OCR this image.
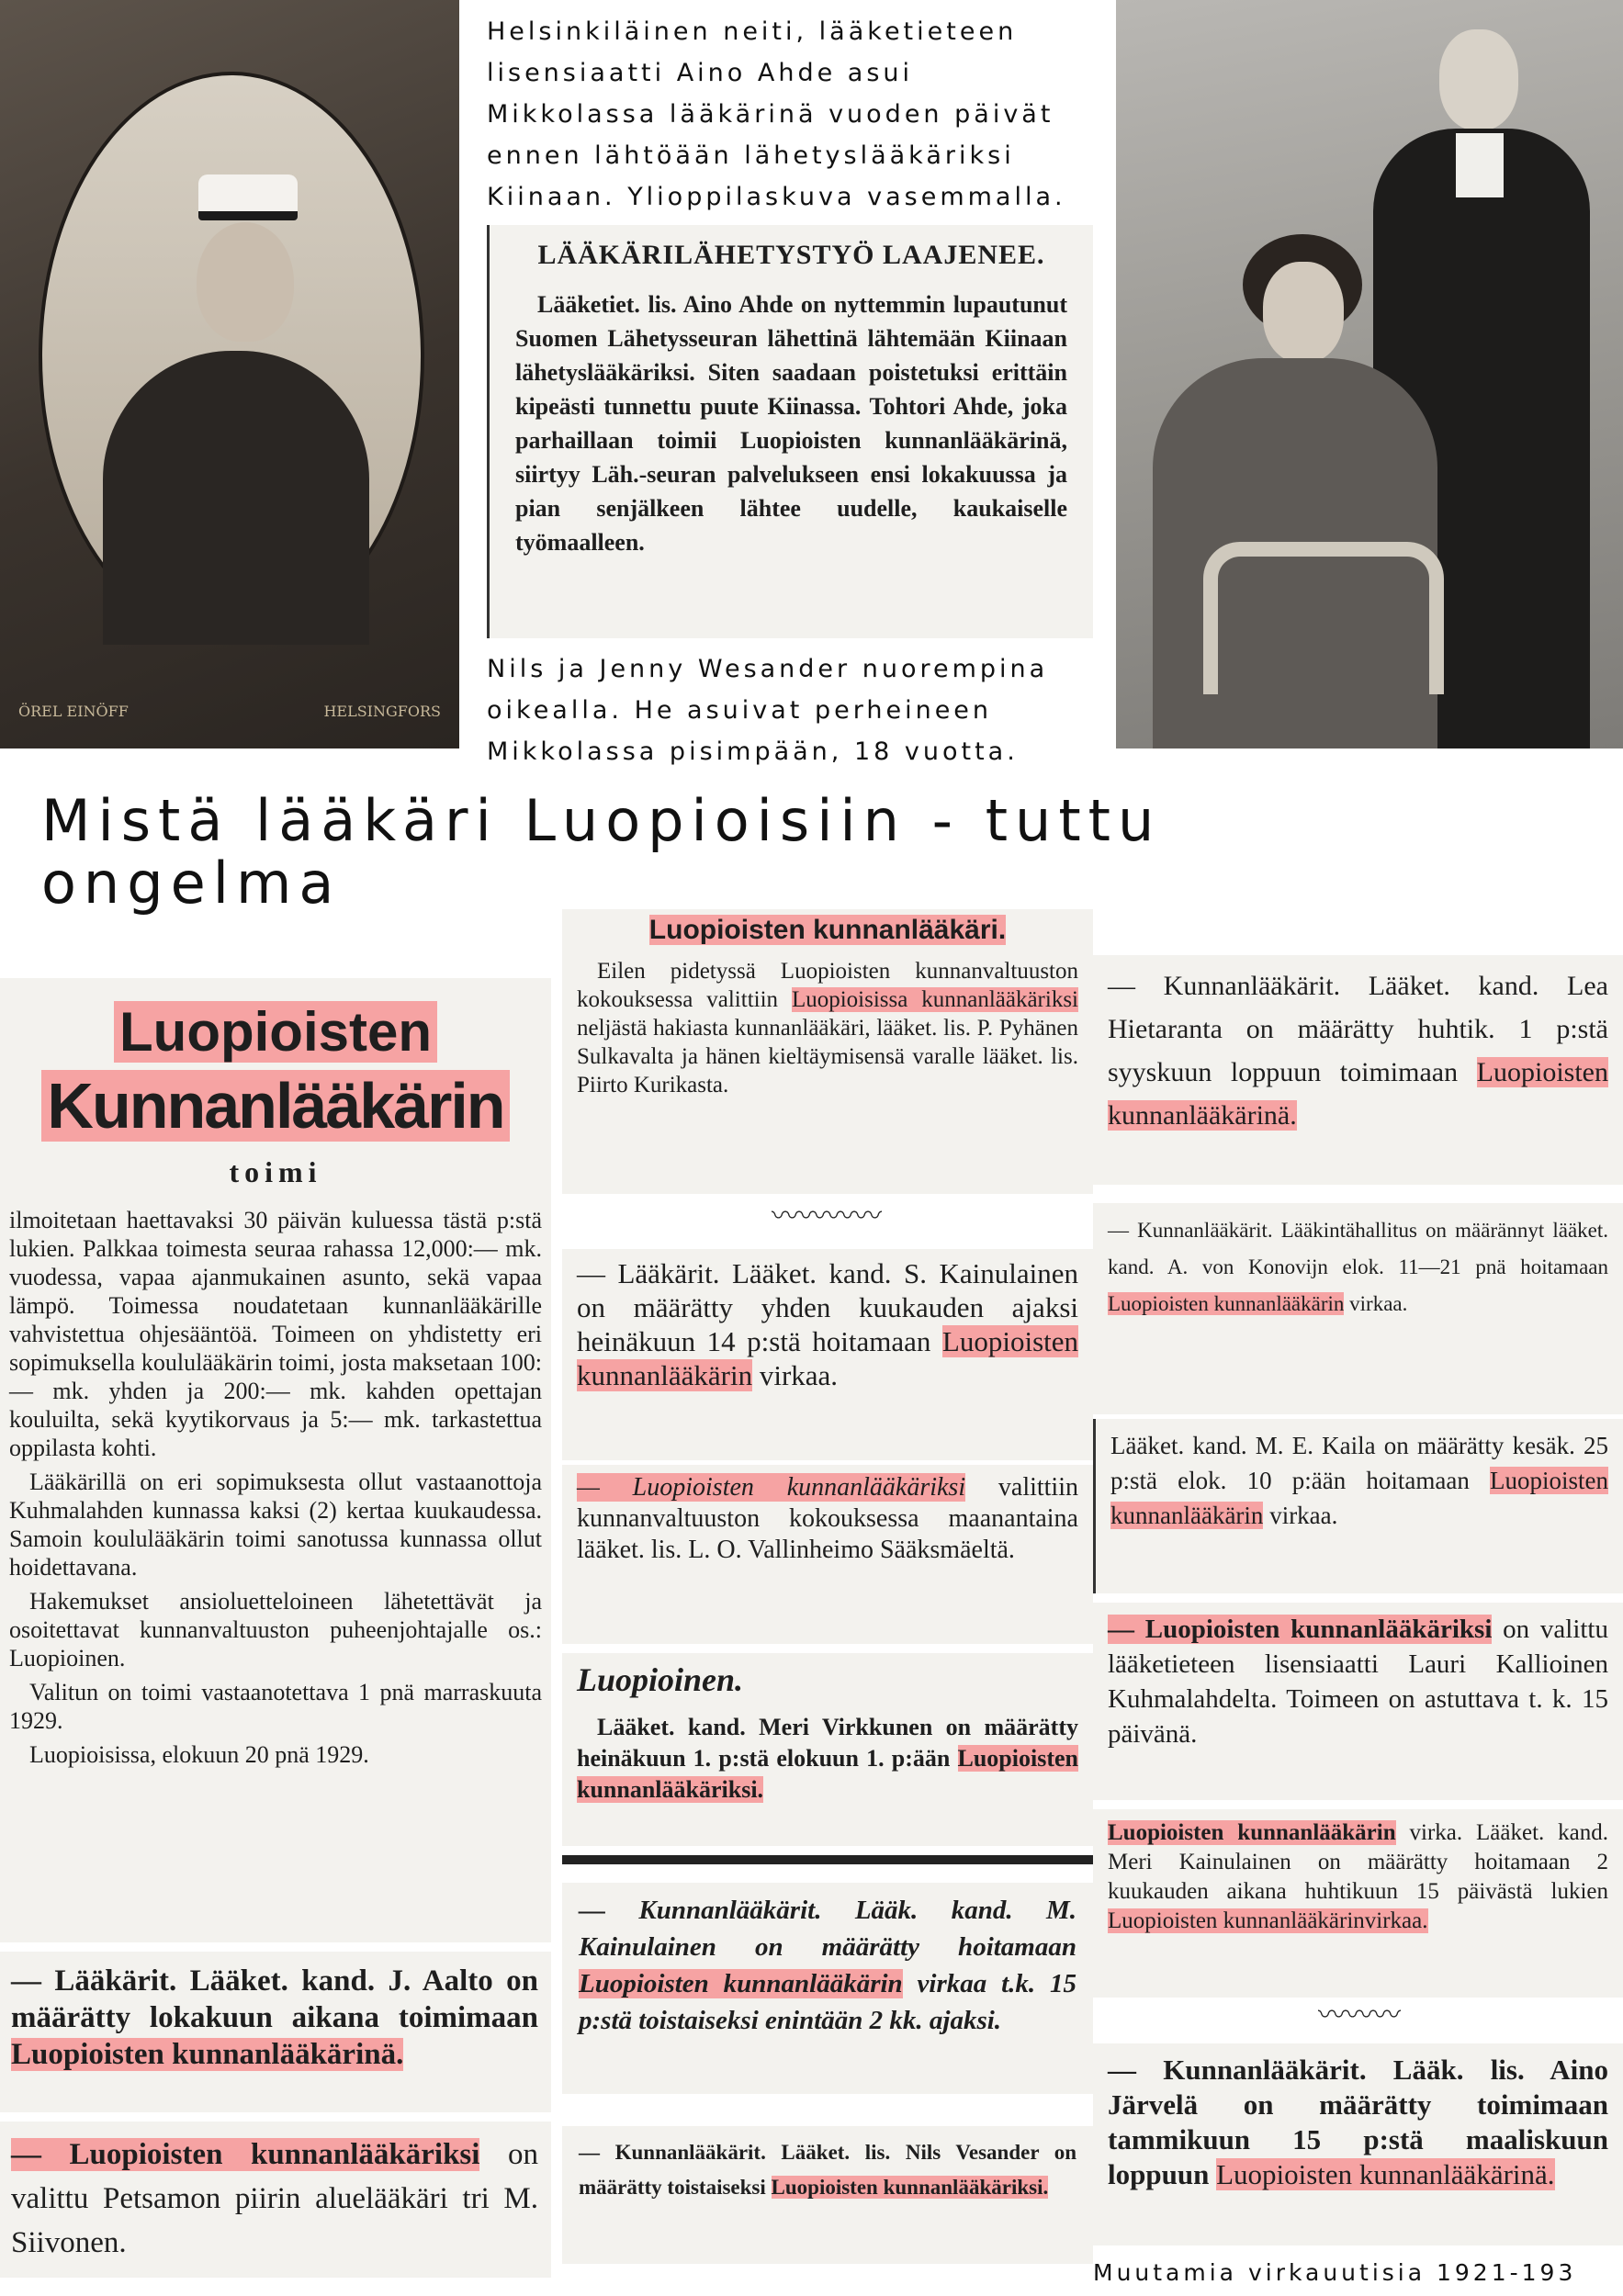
ÖREL EINÖFF	HELSINGFORS
Helsinkiläinen neiti, lääketieteen
lisensiaatti Aino Ahde asui
Mikkolassa lääkärinä vuoden päivät
ennen lähtöään lähetyslääkäriksi
Kiinaan. Ylioppilaskuva vasemmalla.
LÄÄKÄRILÄHETYSTYÖ LAAJENEE.

Lääketiet. lis. Aino Ahde on nyttemmin lupautunut Suomen Lähetysseuran lähettinä lähtemään Kiinaan lähetyslääkäriksi. Siten saadaan poistetuksi erittäin kipeästi tunnettu puute Kiinassa. Tohtori Ahde, joka parhaillaan toimii Luopioisten kunnanlääkärinä, siirtyy Läh.-seuran palvelukseen ensi lokakuussa ja pian senjälkeen lähtee uudelle, kaukaiselle työmaalleen.

Nils ja Jenny Wesander nuorempina
oikealla. He asuivat perheineen
Mikkolassa pisimpään, 18 vuotta.
Mistä lääkäri Luopioisiin - tuttu ongelma
Luopioisten
Kunnanlääkärin
toimi

ilmoitetaan haettavaksi 30 päivän kuluessa tästä p:stä lukien. Palkkaa toimesta seuraa rahassa 12,000:— mk. vuodessa, vapaa ajanmukainen asunto, sekä vapaa lämpö. Toimessa noudatetaan kunnanlääkärille vahvistettua ohjesääntöä. Toimeen on yhdistetty eri sopimuksella koululääkärin toimi, josta maksetaan 100:— mk. yhden ja 200:— mk. kahden opettajan kouluilta, sekä kyytikorvaus ja 5:— mk. tarkastettua oppilasta kohti.

Lääkärillä on eri sopimuksesta ollut vastaanottoja Kuhmalahden kunnassa kaksi (2) kertaa kuukaudessa. Samoin koululääkärin toimi sanotussa kunnassa ollut hoidettavana.

Hakemukset ansioluetteloineen lähetettävät ja osoitettavat kunnanvaltuuston puheenjohtajalle os.: Luopioinen.

Valitun on toimi vastaanotettava 1 pnä marraskuuta 1929.

Luopioisissa, elokuun 20 pnä 1929.

— Lääkärit. Lääket. kand. J. Aalto on määrätty lokakuun aikana toimimaan Luopioisten kunnanlääkärinä.

— Luopioisten kunnanlääkäriksi on valittu Petsamon piirin aluelääkäri tri M. Siivonen.

Luopioisten kunnanlääkäri.

Eilen pidetyssä Luopioisten kunnanvaltuuston kokouksessa valittiin Luopioisissa kunnanlääkäriksi neljästä hakiasta kunnanlääkäri, lääket. lis. P. Pyhänen Sulkavalta ja hänen kieltäymisensä varalle lääket. lis. Piirto Kurikasta.

〰〰〰〰

— Lääkärit. Lääket. kand. S. Kainulainen on määrätty yhden kuukauden ajaksi heinäkuun 14 p:stä hoitamaan Luopioisten kunnanlääkärin virkaa.

— Luopioisten kunnanlääkäriksi valittiin kunnanvaltuuston kokouksessa maanantaina lääket. lis. L. O. Vallinheimo Sääksmäeltä.

Luopioinen.

Lääket. kand. Meri Virkkunen on määrätty heinäkuun 1. p:stä elokuun 1. p:ään Luopioisten kunnanlääkäriksi.

— Kunnanlääkärit. Lääk. kand. M. Kainulainen on määrätty hoitamaan Luopioisten kunnanlääkärin virkaa t.k. 15 p:stä toistaiseksi enintään 2 kk. ajaksi.

— Kunnanlääkärit. Lääket. lis. Nils Vesander on määrätty toistaiseksi Luopioisten kunnanlääkäriksi.

— Kunnanlääkärit. Lääket. kand. Lea Hietaranta on määrätty huhtik. 1 p:stä syyskuun loppuun toimimaan Luopioisten kunnanlääkärinä.

— Kunnanlääkärit. Lääkintähallitus on määrännyt lääket. kand. A. von Konovijn elok. 11—21 pnä hoitamaan Luopioisten kunnanlääkärin virkaa.

Lääket. kand. M. E. Kaila on määrätty kesäk. 25 p:stä elok. 10 p:ään hoitamaan Luopioisten kunnanlääkärin virkaa.

— Luopioisten kunnanlääkäriksi on valittu lääketieteen lisensiaatti Lauri Kallioinen Kuhmalahdelta. Toimeen on astuttava t. k. 15 päivänä.

Luopioisten kunnanlääkärin virka. Lääket. kand. Meri Kainulainen on määrätty hoitamaan 2 kuukauden aikana huhtikuun 15 päivästä lukien Luopioisten kunnanlääkärinvirkaa.

〰〰〰

— Kunnanlääkärit. Lääk. lis. Aino Järvelä on määrätty toimimaan tammikuun 15 p:stä maaliskuun loppuun Luopioisten kunnanlääkärinä.

Muutamia virkauutisia 1921-193
